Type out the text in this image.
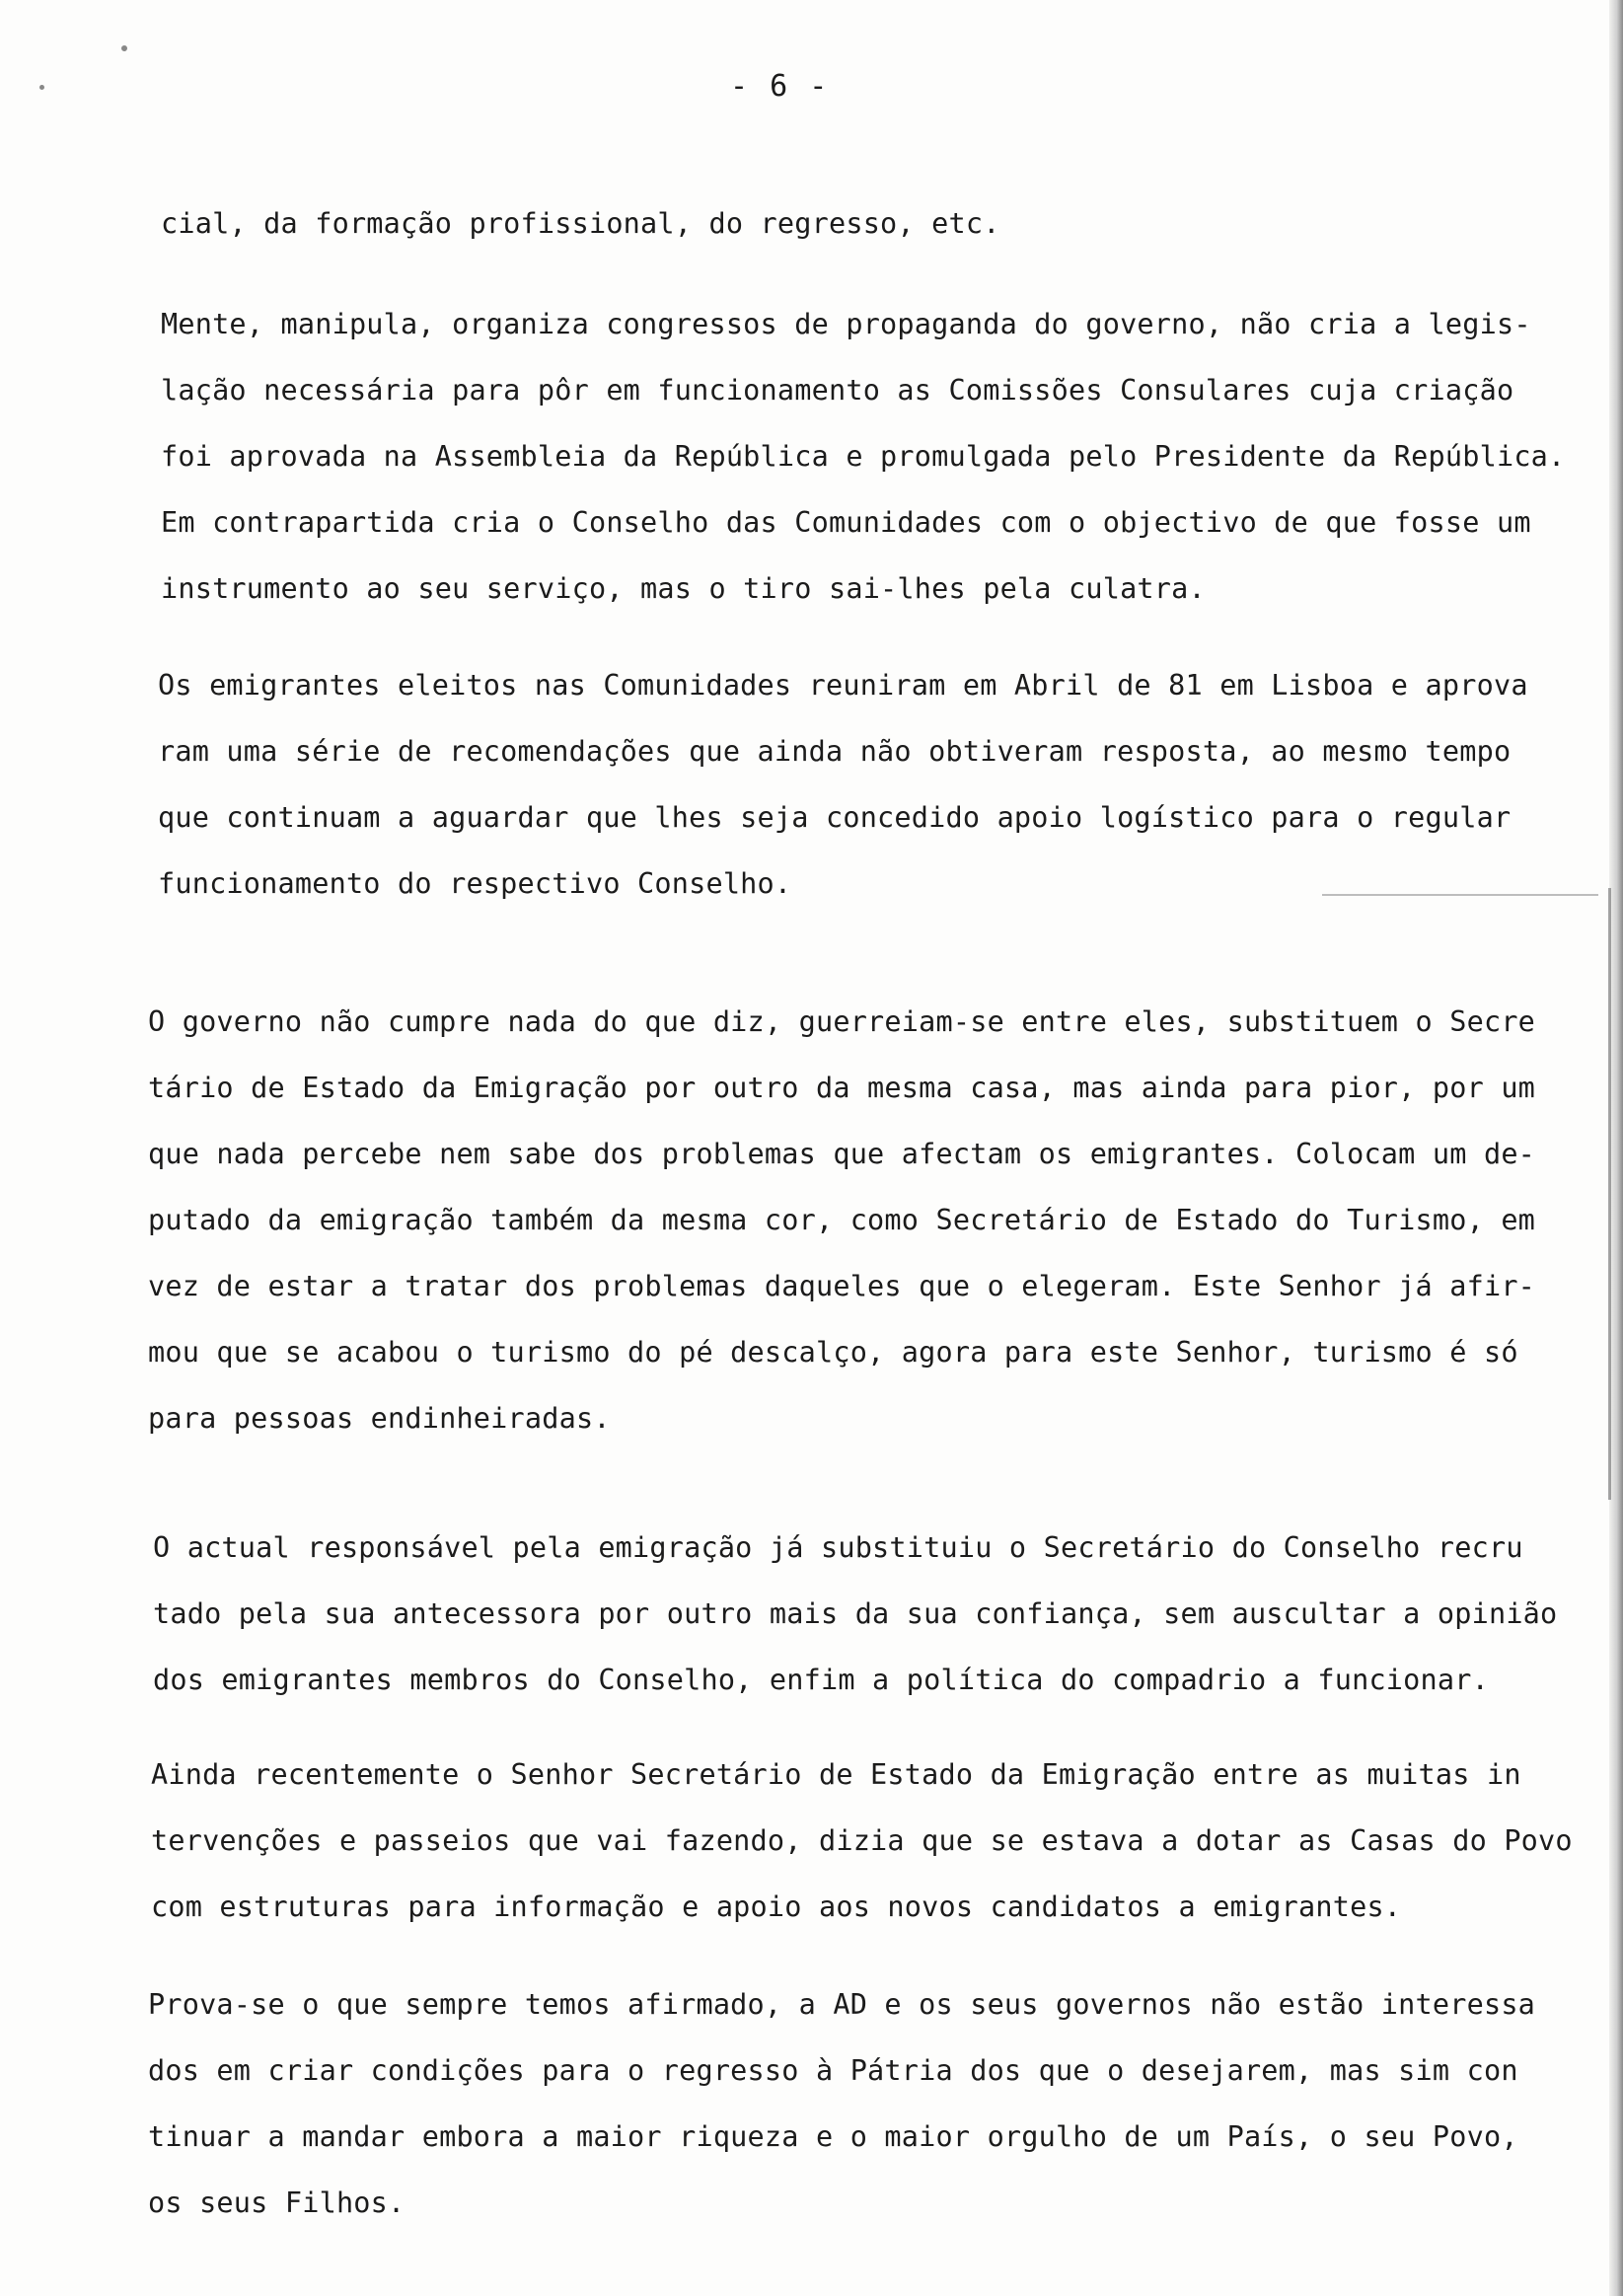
- 6 -

cial, da formação profissional, do regresso, etc.

Mente, manipula, organiza congressos de propaganda do governo, não cria a legis-
lação necessária para pôr em funcionamento as Comissões Consulares cuja criação
foi aprovada na Assembleia da República e promulgada pelo Presidente da República.
Em contrapartida cria o Conselho das Comunidades com o objectivo de que fosse um
instrumento ao seu serviço, mas o tiro sai-lhes pela culatra.

Os emigrantes eleitos nas Comunidades reuniram em Abril de 81 em Lisboa e aprova
ram uma série de recomendações que ainda não obtiveram resposta, ao mesmo tempo
que continuam a aguardar que lhes seja concedido apoio logístico para o regular
funcionamento do respectivo Conselho.

O governo não cumpre nada do que diz, guerreiam-se entre eles, substituem o Secre
tário de Estado da Emigração por outro da mesma casa, mas ainda para pior, por um
que nada percebe nem sabe dos problemas que afectam os emigrantes. Colocam um de-
putado da emigração também da mesma cor, como Secretário de Estado do Turismo, em
vez de estar a tratar dos problemas daqueles que o elegeram. Este Senhor já afir-
mou que se acabou o turismo do pé descalço, agora para este Senhor, turismo é só
para pessoas endinheiradas.

O actual responsável pela emigração já substituiu o Secretário do Conselho recru
tado pela sua antecessora por outro mais da sua confiança, sem auscultar a opinião
dos emigrantes membros do Conselho, enfim a política do compadrio a funcionar.

Ainda recentemente o Senhor Secretário de Estado da Emigração entre as muitas in
tervenções e passeios que vai fazendo, dizia que se estava a dotar as Casas do Povo
com estruturas para informação e apoio aos novos candidatos a emigrantes.

Prova-se o que sempre temos afirmado, a AD e os seus governos não estão interessa
dos em criar condições para o regresso à Pátria dos que o desejarem, mas sim con
tinuar a mandar embora a maior riqueza e o maior orgulho de um País, o seu Povo,
os seus Filhos.
